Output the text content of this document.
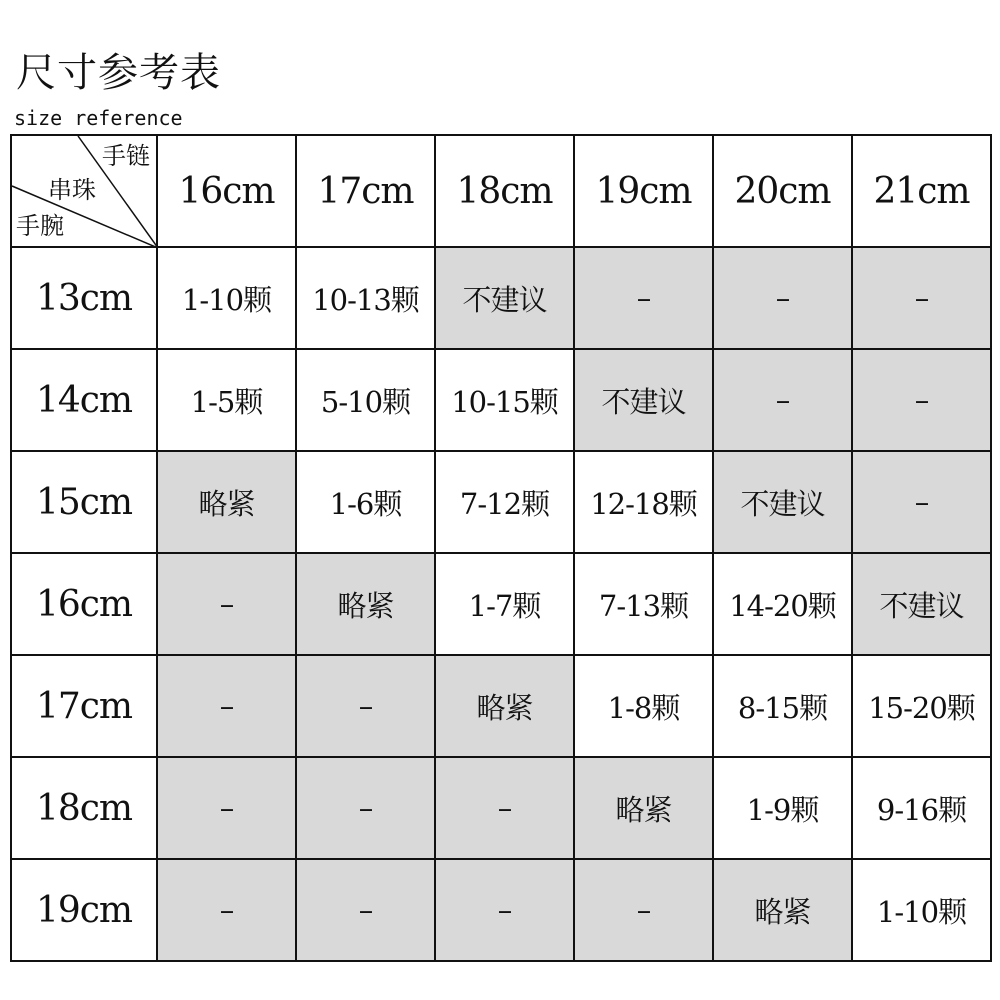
尺寸参考表
size reference
手链
串珠
手腕	16cm	17cm	18cm	19cm	20cm	21cm
13cm	1-10颗	10-13颗	不建议	–	–	–
14cm	1-5颗	5-10颗	10-15颗	不建议	–	–
15cm	略紧	1-6颗	7-12颗	12-18颗	不建议	–
16cm	–	略紧	1-7颗	7-13颗	14-20颗	不建议
17cm	–	–	略紧	1-8颗	8-15颗	15-20颗
18cm	–	–	–	略紧	1-9颗	9-16颗
19cm	–	–	–	–	略紧	1-10颗
